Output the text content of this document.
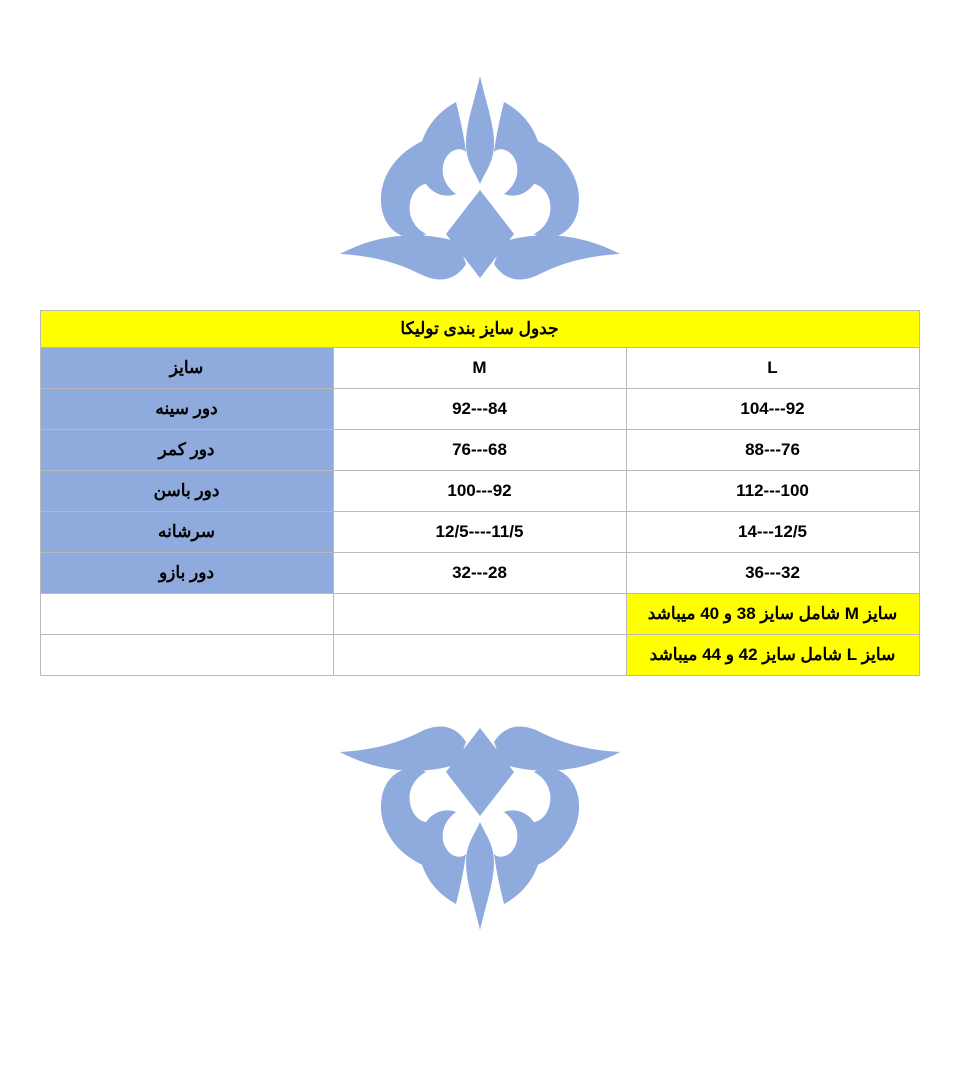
جدول سایز بندی تولیکا		
L	M	سایز
92---104	84---92	دور سینه
76---88	68---76	دور کمر
100---112	92---100	دور باسن
12/5---14	11/5----12/5	سرشانه
32---36	28---32	دور بازو
سایز M شامل سایز 38 و 40 میباشد		
سایز L شامل سایز 42 و 44 میباشد		
